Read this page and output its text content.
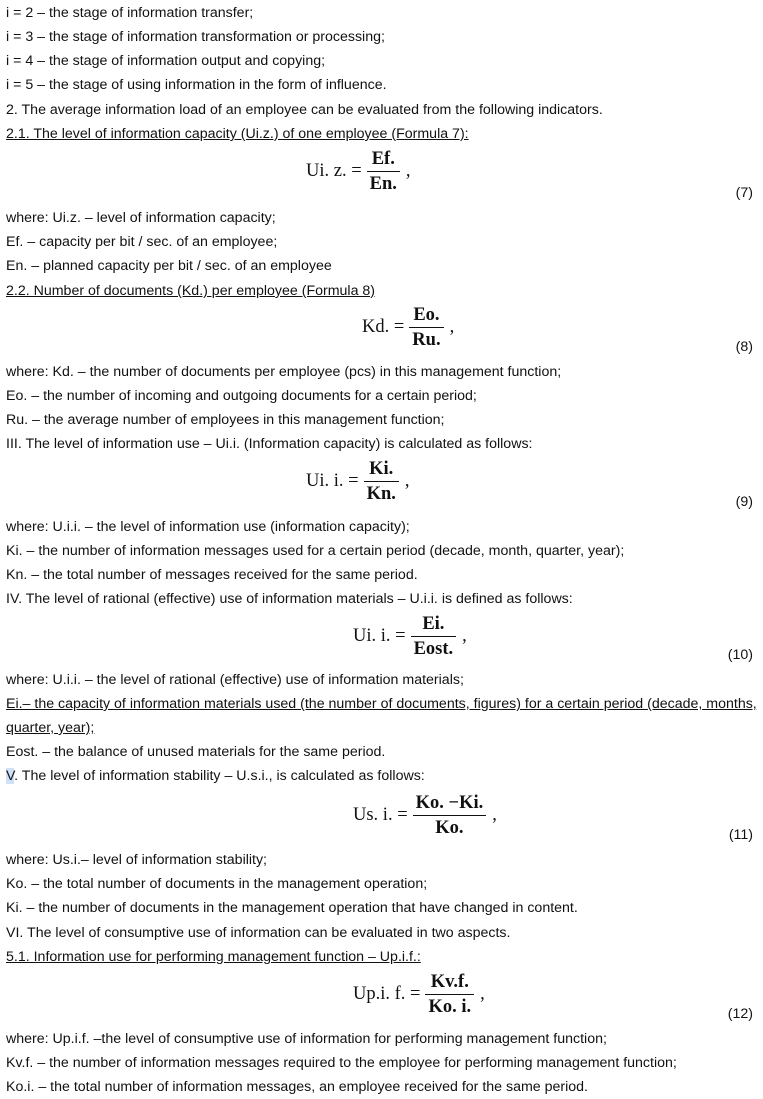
i = 2 – the stage of information transfer;
i = 3 – the stage of information transformation or processing;
i = 4 – the stage of information output and copying;
i = 5 – the stage of using information in the form of influence.
2. The average information load of an employee can be evaluated from the following indicators.
2.1. The level of information capacity (Ui.z.) of one employee (Formula 7):
Ui. z. = $\frac{Ef.}{En.}$ ,
(7)
where: Ui.z. – level of information capacity;
Ef. – capacity per bit / sec. of an employee;
En. – planned capacity per bit / sec. of an employee
2.2. Number of documents (Kd.) per employee (Formula 8)
Kd. = $\frac{Eo.}{Ru.}$ ,
(8)
where: Kd. – the number of documents per employee (pcs) in this management function;
Eo. – the number of incoming and outgoing documents for a certain period;
Ru. – the average number of employees in this management function;
III. The level of information use – Ui.i. (Information capacity) is calculated as follows:
Ui. i. = $\frac{Ki.}{Kn.}$ ,
(9)
where: U.i.i. – the level of information use (information capacity);
Ki. – the number of information messages used for a certain period (decade, month, quarter, year);
Kn. – the total number of messages received for the same period.
IV. The level of rational (effective) use of information materials – U.i.i. is defined as follows:
Ui. i. = $\frac{Ei.}{\text{Eost.}}$ ,
(10)
where: U.i.i. – the level of rational (effective) use of information materials;
Ei.– the capacity of information materials used (the number of documents, figures) for a certain period (decade, months,
quarter, year);
Eost. – the balance of unused materials for the same period.
V. The level of information stability – U.s.i., is calculated as follows:
Us. i. = $\frac{Ko. -Ki.}{Ko.}$ ,
(11)
where: Us.i.– level of information stability;
Ko. – the total number of documents in the management operation;
Ki. – the number of documents in the management operation that have changed in content.
VI. The level of consumptive use of information can be evaluated in two aspects.
5.1. Information use for performing management function – Up.i.f.:
Up.i. f. = $\frac{Kv.f.}{Ko. i.}$ ,
(12)
where: Up.i.f. –the level of consumptive use of information for performing management function;
Kv.f. – the number of information messages required to the employee for performing management function;
Ko.i. – the total number of information messages, an employee received for the same period.
